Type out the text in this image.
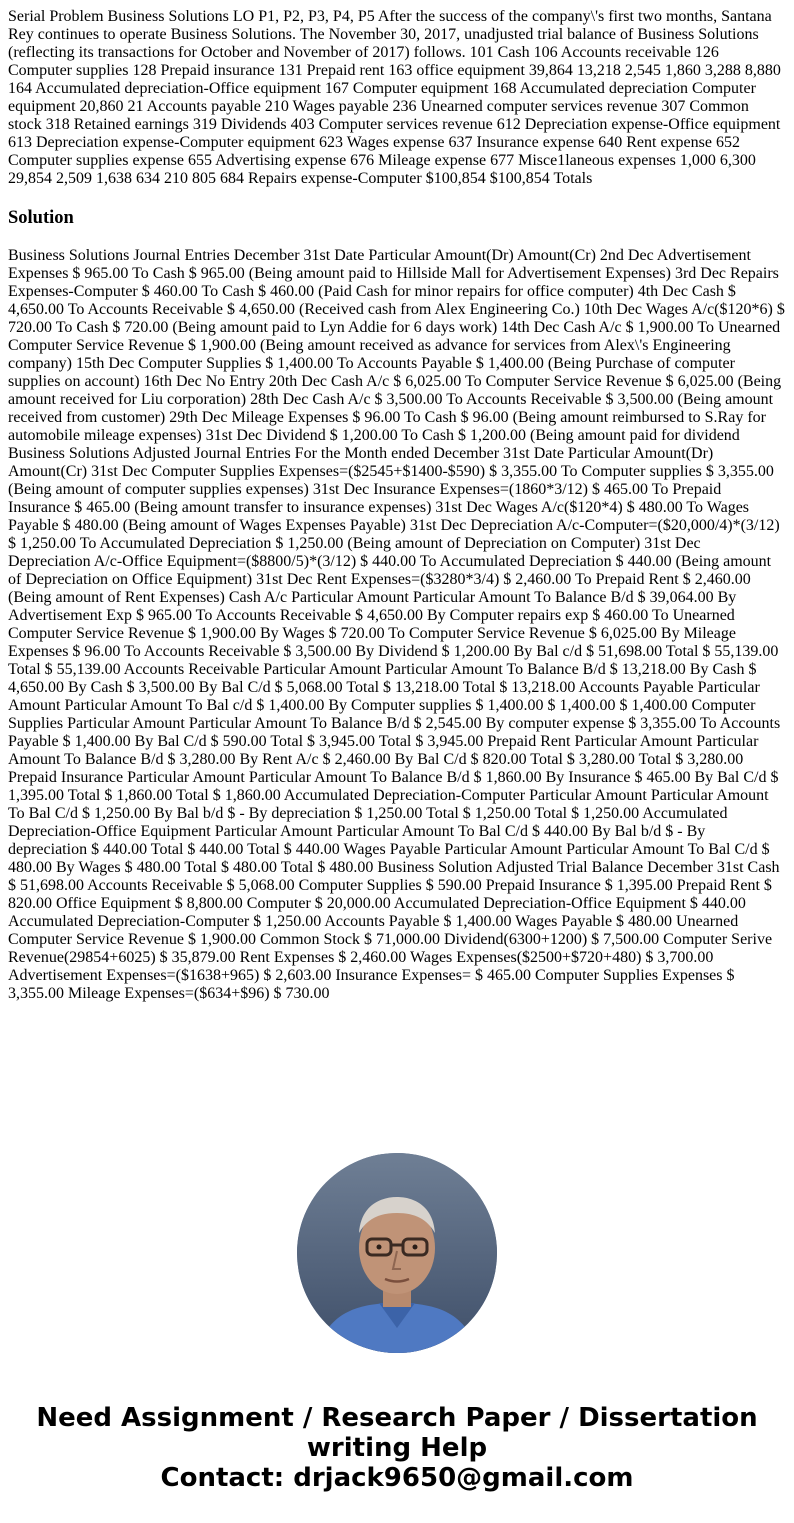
Serial Problem Business Solutions LO P1, P2, P3, P4, P5 After the success of the company\'s first two months, Santana Rey continues to operate Business Solutions. The November 30, 2017, unadjusted trial balance of Business Solutions (reflecting its transactions for October and November of 2017) follows. 101 Cash 106 Accounts receivable 126 Computer supplies 128 Prepaid insurance 131 Prepaid rent 163 office equipment 39,864 13,218 2,545 1,860 3,288 8,880 164 Accumulated depreciation-Office equipment 167 Computer equipment 168 Accumulated depreciation Computer equipment 20,860 21 Accounts payable 210 Wages payable 236 Unearned computer services revenue 307 Common stock 318 Retained earnings 319 Dividends 403 Computer services revenue 612 Depreciation expense-Office equipment 613 Depreciation expense-Computer equipment 623 Wages expense 637 Insurance expense 640 Rent expense 652 Computer supplies expense 655 Advertising expense 676 Mileage expense 677 Misce1laneous expenses 1,000 6,300 29,854 2,509 1,638 634 210 805 684 Repairs expense-Computer $100,854 $100,854 Totals

Solution

Business Solutions Journal Entries December 31st Date Particular Amount(Dr) Amount(Cr) 2nd Dec Advertisement Expenses $ 965.00 To Cash $ 965.00 (Being amount paid to Hillside Mall for Advertisement Expenses) 3rd Dec Repairs Expenses-Computer $ 460.00 To Cash $ 460.00 (Paid Cash for minor repairs for office computer) 4th Dec Cash $ 4,650.00 To Accounts Receivable $ 4,650.00 (Received cash from Alex Engineering Co.) 10th Dec Wages A/c($120*6) $ 720.00 To Cash $ 720.00 (Being amount paid to Lyn Addie for 6 days work) 14th Dec Cash A/c $ 1,900.00 To Unearned Computer Service Revenue $ 1,900.00 (Being amount received as advance for services from Alex\'s Engineering company) 15th Dec Computer Supplies $ 1,400.00 To Accounts Payable $ 1,400.00 (Being Purchase of computer supplies on account) 16th Dec No Entry 20th Dec Cash A/c $ 6,025.00 To Computer Service Revenue $ 6,025.00 (Being amount received for Liu corporation) 28th Dec Cash A/c $ 3,500.00 To Accounts Receivable $ 3,500.00 (Being amount received from customer) 29th Dec Mileage Expenses $ 96.00 To Cash $ 96.00 (Being amount reimbursed to S.Ray for automobile mileage expenses) 31st Dec Dividend $ 1,200.00 To Cash $ 1,200.00 (Being amount paid for dividend Business Solutions Adjusted Journal Entries For the Month ended December 31st Date Particular Amount(Dr) Amount(Cr) 31st Dec Computer Supplies Expenses=($2545+$1400-$590) $ 3,355.00 To Computer supplies $ 3,355.00 (Being amount of computer supplies expenses) 31st Dec Insurance Expenses=(1860*3/12) $ 465.00 To Prepaid Insurance $ 465.00 (Being amount transfer to insurance expenses) 31st Dec Wages A/c($120*4) $ 480.00 To Wages Payable $ 480.00 (Being amount of Wages Expenses Payable) 31st Dec Depreciation A/c-Computer=($20,000/4)*(3/12) $ 1,250.00 To Accumulated Depreciation $ 1,250.00 (Being amount of Depreciation on Computer) 31st Dec Depreciation A/c-Office Equipment=($8800/5)*(3/12) $ 440.00 To Accumulated Depreciation $ 440.00 (Being amount of Depreciation on Office Equipment) 31st Dec Rent Expenses=($3280*3/4) $ 2,460.00 To Prepaid Rent $ 2,460.00 (Being amount of Rent Expenses) Cash A/c Particular Amount Particular Amount To Balance B/d $ 39,064.00 By Advertisement Exp $ 965.00 To Accounts Receivable $ 4,650.00 By Computer repairs exp $ 460.00 To Unearned Computer Service Revenue $ 1,900.00 By Wages $ 720.00 To Computer Service Revenue $ 6,025.00 By Mileage Expenses $ 96.00 To Accounts Receivable $ 3,500.00 By Dividend $ 1,200.00 By Bal c/d $ 51,698.00 Total $ 55,139.00 Total $ 55,139.00 Accounts Receivable Particular Amount Particular Amount To Balance B/d $ 13,218.00 By Cash $ 4,650.00 By Cash $ 3,500.00 By Bal C/d $ 5,068.00 Total $ 13,218.00 Total $ 13,218.00 Accounts Payable Particular Amount Particular Amount To Bal c/d $ 1,400.00 By Computer supplies $ 1,400.00 $ 1,400.00 $ 1,400.00 Computer Supplies Particular Amount Particular Amount To Balance B/d $ 2,545.00 By computer expense $ 3,355.00 To Accounts Payable $ 1,400.00 By Bal C/d $ 590.00 Total $ 3,945.00 Total $ 3,945.00 Prepaid Rent Particular Amount Particular Amount To Balance B/d $ 3,280.00 By Rent A/c $ 2,460.00 By Bal C/d $ 820.00 Total $ 3,280.00 Total $ 3,280.00 Prepaid Insurance Particular Amount Particular Amount To Balance B/d $ 1,860.00 By Insurance $ 465.00 By Bal C/d $ 1,395.00 Total $ 1,860.00 Total $ 1,860.00 Accumulated Depreciation-Computer Particular Amount Particular Amount To Bal C/d $ 1,250.00 By Bal b/d $ - By depreciation $ 1,250.00 Total $ 1,250.00 Total $ 1,250.00 Accumulated Depreciation-Office Equipment Particular Amount Particular Amount To Bal C/d $ 440.00 By Bal b/d $ - By depreciation $ 440.00 Total $ 440.00 Total $ 440.00 Wages Payable Particular Amount Particular Amount To Bal C/d $ 480.00 By Wages $ 480.00 Total $ 480.00 Total $ 480.00 Business Solution Adjusted Trial Balance December 31st Cash $ 51,698.00 Accounts Receivable $ 5,068.00 Computer Supplies $ 590.00 Prepaid Insurance $ 1,395.00 Prepaid Rent $ 820.00 Office Equipment $ 8,800.00 Computer $ 20,000.00 Accumulated Depreciation-Office Equipment $ 440.00 Accumulated Depreciation-Computer $ 1,250.00 Accounts Payable $ 1,400.00 Wages Payable $ 480.00 Unearned Computer Service Revenue $ 1,900.00 Common Stock $ 71,000.00 Dividend(6300+1200) $ 7,500.00 Computer Serive Revenue(29854+6025) $ 35,879.00 Rent Expenses $ 2,460.00 Wages Expenses($2500+$720+480) $ 3,700.00 Advertisement Expenses=($1638+965) $ 2,603.00 Insurance Expenses= $ 465.00 Computer Supplies Expenses $ 3,355.00 Mileage Expenses=($634+$96) $ 730.00

Need Assignment / Research Paper / Dissertation
writing Help
Contact: drjack9650@gmail.com
